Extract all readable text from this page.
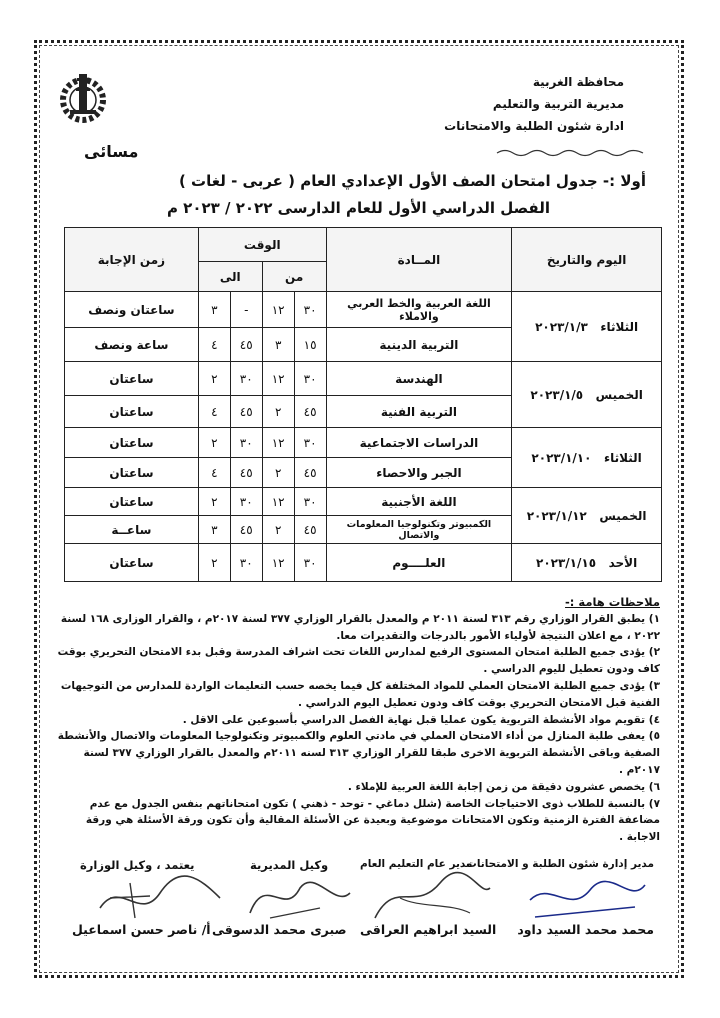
محافظة الغربية
مديرية التربية والتعليم
ادارة شئون الطلبة والامتحانات
مسائى
أولا :- جدول امتحان الصف الأول الإعدادي العام ( عربى - لغات )
الفصل الدراسي الأول للعام الدارسى ٢٠٢٢ / ٢٠٢٣ م
اليوم والتاريخ	المــادة	الوقت				زمن الإجابة
		من		الى		
الثلاثاء   ٢٠٢٣/١/٣	اللغة العربية والخط العربي والاملاء	٣٠	١٢	-	٣	ساعتان ونصف
	التربية الدينية	١٥	٣	٤٥	٤	ساعة ونصف
الخميس   ٢٠٢٣/١/٥	الهندسة	٣٠	١٢	٣٠	٢	ساعتان
	التربية الفنية	٤٥	٢	٤٥	٤	ساعتان
الثلاثاء   ٢٠٢٣/١/١٠	الدراسات الاجتماعية	٣٠	١٢	٣٠	٢	ساعتان
	الجبر والاحصاء	٤٥	٢	٤٥	٤	ساعتان
الخميس   ٢٠٢٣/١/١٢	اللغة الأجنبية	٣٠	١٢	٣٠	٢	ساعتان
	الكمبيوتر وتكنولوجيا المعلومات والاتصال	٤٥	٢	٤٥	٣	ساعــة
الأحد   ٢٠٢٣/١/١٥	العلــــوم	٣٠	١٢	٣٠	٢	ساعتان
ملاحظات هامة :-
١) يطبق القرار الوزاري رقم ٣١٣ لسنة ٢٠١١ م والمعدل بالقرار الوزاري ٣٧٧ لسنة ٢٠١٧م ، والقرار الوزارى ١٦٨ لسنة ٢٠٢٢ ، مع اعلان النتيجة لأولياء الأمور بالدرجات والتقديرات معا.
٢) يؤدى جميع الطلبة امتحان المستوى الرفيع لمدارس اللغات تحت اشراف المدرسة وقبل بدء الامتحان التحريري بوقت كاف ودون تعطيل لليوم الدراسي .
٣) يؤدى جميع الطلبة الامتحان العملي للمواد المختلفة كل فيما يخصه حسب التعليمات الواردة للمدارس من التوجيهات الفنية قبل الامتحان التحريري بوقت كاف ودون تعطيل اليوم الدراسي .
٤) تقويم مواد الأنشطة التربوية يكون عمليا قبل نهاية الفصل الدراسي بأسبوعين على الاقل .
٥) يعفى طلبة المنازل من أداء الامتحان العملي في مادتي العلوم والكمبيوتر وتكنولوجيا المعلومات والاتصال والأنشطة الصفية وباقى الأنشطة التربوية الاخرى طبقا للقرار الوزاري ٣١٣ لسنه ٢٠١١م والمعدل بالقرار الوزاري ٣٧٧ لسنة ٢٠١٧م .
٦) يخصص عشرون دقيقة من زمن إجابة اللغة العربية للإملاء .
٧) بالنسبة للطلاب ذوى الاحتياجات الخاصة (شلل دماغي - توحد - ذهني ) تكون امتحاناتهم بنفس الجدول مع عدم مضاعفة الفترة الزمنية وتكون الامتحانات موضوعية وبعيدة عن الأسئلة المقالية وأن تكون ورقة الأسئلة هي ورقة الاجابة .
مدير إدارة شئون الطلبة و الامتحانات
مدير عام التعليم العام
وكيل المديرية
يعتمد ، وكيل الوزارة
محمد محمد السيد داود
السيد ابراهيم العراقى
صبرى محمد الدسوقى
أ/ ناصر حسن اسماعيل
